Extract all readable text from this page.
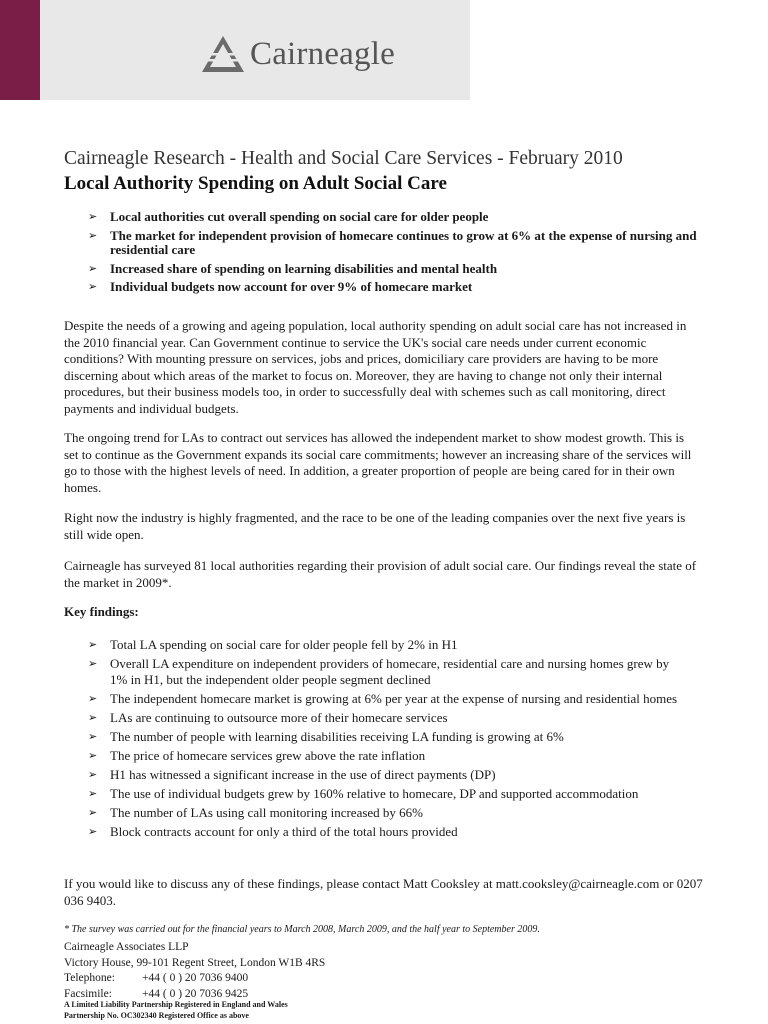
Cairneagle
Cairneagle Research - Health and Social Care Services - February 2010
Local Authority Spending on Adult Social Care
➢ Local authorities cut overall spending on social care for older people
➢ The market for independent provision of homecare continues to grow at 6% at the expense of nursing and residential care
➢ Increased share of spending on learning disabilities and mental health
➢ Individual budgets now account for over 9% of homecare market

Despite the needs of a growing and ageing population, local authority spending on adult social care has not increased in the 2010 financial year. Can Government continue to service the UK's social care needs under current economic conditions? With mounting pressure on services, jobs and prices, domiciliary care providers are having to be more discerning about which areas of the market to focus on. Moreover, they are having to change not only their internal procedures, but their business models too, in order to successfully deal with schemes such as call monitoring, direct payments and individual budgets.

The ongoing trend for LAs to contract out services has allowed the independent market to show modest growth. This is set to continue as the Government expands its social care commitments; however an increasing share of the services will go to those with the highest levels of need. In addition, a greater proportion of people are being cared for in their own homes.

Right now the industry is highly fragmented, and the race to be one of the leading companies over the next five years is still wide open.

Cairneagle has surveyed 81 local authorities regarding their provision of adult social care. Our findings reveal the state of the market in 2009*.

Key findings:

➢ Total LA spending on social care for older people fell by 2% in H1
➢ Overall LA expenditure on independent providers of homecare, residential care and nursing homes grew by 1% in H1, but the independent older people segment declined
➢ The independent homecare market is growing at 6% per year at the expense of nursing and residential homes
➢ LAs are continuing to outsource more of their homecare services
➢ The number of people with learning disabilities receiving LA funding is growing at 6%
➢ The price of homecare services grew above the rate inflation
➢ H1 has witnessed a significant increase in the use of direct payments (DP)
➢ The use of individual budgets grew by 160% relative to homecare, DP and supported accommodation
➢ The number of LAs using call monitoring increased by 66%
➢ Block contracts account for only a third of the total hours provided

If you would like to discuss any of these findings, please contact Matt Cooksley at matt.cooksley@cairneagle.com or 0207 036 9403.

* The survey was carried out for the financial years to March 2008, March 2009, and the half year to September 2009.

Cairneagle Associates LLP
Victory House, 99-101 Regent Street, London W1B 4RS
Telephone: +44 ( 0 ) 20 7036 9400
Facsimile:	+44 ( 0 ) 20 7036 9425
A Limited Liability Partnership Registered in England and Wales
Partnership No. OC302340 Registered Office as above
